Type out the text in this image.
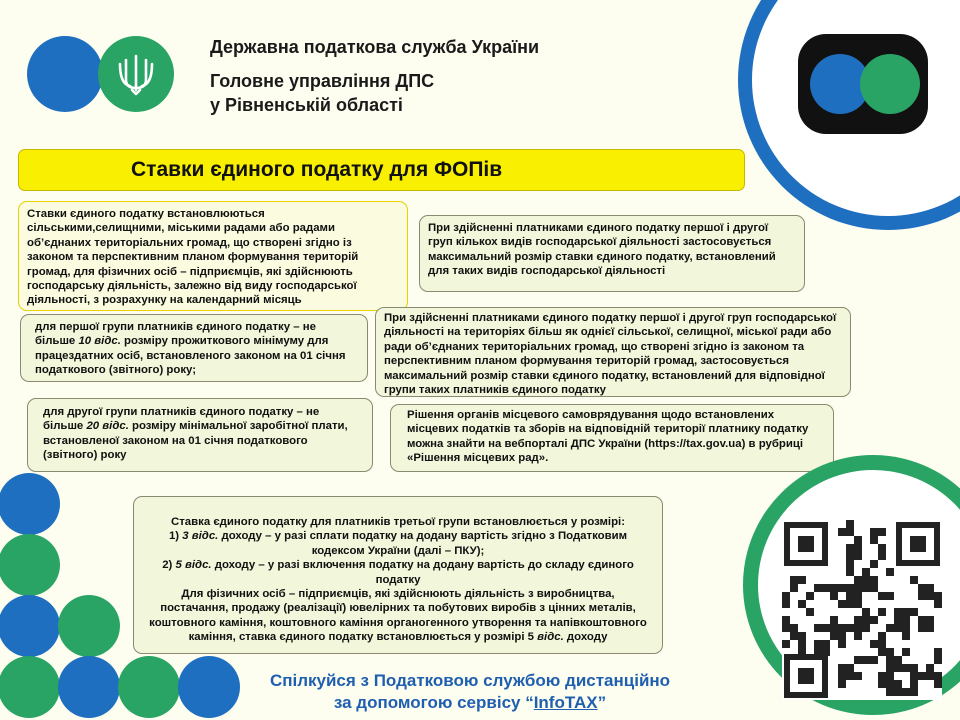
Державна податкова служба України
Головне управління ДПС
у Рівненській області
Ставки єдиного податку для ФОПів

Ставки єдиного податку встановлюються сільськими,селищними, міськими радами або радами об’єднаних територіальних громад, що створені згідно із законом та перспективним планом формування територій громад, для фізичних осіб – підприємців, які здійснюють господарську діяльність, залежно від виду господарської діяльності, з розрахунку на календарний місяць

При здійсненні платниками єдиного податку першої і другої груп кількох видів господарської діяльності застосовується максимальний розмір ставки єдиного податку, встановлений для таких видів господарської діяльності

для першої групи платників єдиного податку – не більше 10 відс. розміру прожиткового мінімуму для працездатних осіб, встановленого законом на 01 січня податкового (звітного) року;

При здійсненні платниками єдиного податку першої і другої груп господарської діяльності на територіях більш як однієї сільської, селищної, міської ради або ради об’єднаних територіальних громад, що створені згідно із законом та перспективним планом формування територій громад, застосовується максимальний розмір ставки єдиного податку, встановлений для відповідної групи таких платників єдиного податку

для другої групи платників єдиного податку – не більше 20 відс. розміру мінімальної заробітної плати, встановленої законом на 01 січня податкового (звітного) року

Рішення органів місцевого самоврядування щодо встановлених місцевих податків та зборів на відповідній території платнику податку можна знайти на вебпорталі ДПС України (https://tax.gov.ua) в рубриці «Рішення місцевих рад».

Ставка єдиного податку для платників третьої групи встановлюється у розмірі:

1) 3 відс. доходу – у разі сплати податку на додану вартість згідно з Податковим кодексом України (далі – ПКУ);

2) 5 відс. доходу – у разі включення податку на додану вартість до складу єдиного податку

Для фізичних осіб – підприємців, які здійснюють діяльність з виробництва, постачання, продажу (реалізації) ювелірних та побутових виробів з цінних металів, коштовного каміння, коштовного каміння органогенного утворення та напівкоштовного каміння, ставка єдиного податку встановлюється у розмірі 5 відс. доходу

Спілкуйся з Податковою службою дистанційно
за допомогою сервісу “InfoTAX”
